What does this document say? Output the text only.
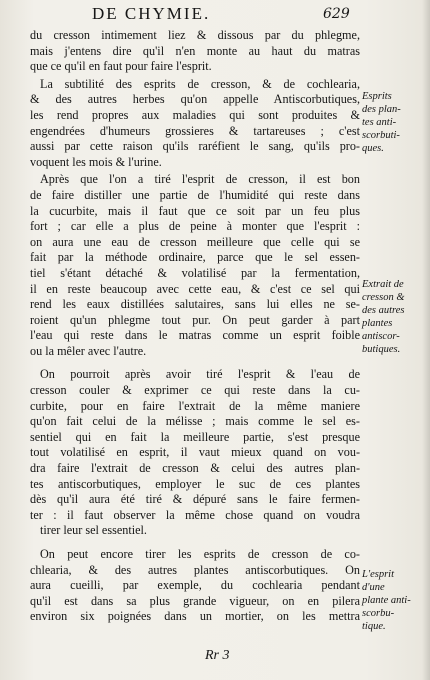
DE CHYMIE.	629
du cresson intimement liez & dissous par du phlegme,
mais j'entens dire qu'il n'en monte au haut du matras
que ce qu'il en faut pour faire l'esprit.
La subtilité des esprits de cresson, & de cochlearia,
& des autres herbes qu'on appelle Antiscorbutiques,
les rend propres aux maladies qui sont produites &
engendrées d'humeurs grossieres & tartareuses ; c'est
aussi par cette raison qu'ils raréfient le sang, qu'ils pro-
voquent les mois & l'urine.
Après que l'on a tiré l'esprit de cresson, il est bon
de faire distiller une partie de l'humidité qui reste dans
la cucurbite, mais il faut que ce soit par un feu plus
fort ; car elle a plus de peine à monter que l'esprit :
on aura une eau de cresson meilleure que celle qui se
fait par la méthode ordinaire, parce que le sel essen-
tiel s'étant détaché & volatilisé par la fermentation,
il en reste beaucoup avec cette eau, & c'est ce sel qui
rend les eaux distillées salutaires, sans lui elles ne se-
roient qu'un phlegme tout pur. On peut garder à part
l'eau qui reste dans le matras comme un esprit foible
ou la mêler avec l'autre.
On pourroit après avoir tiré l'esprit & l'eau de
cresson couler & exprimer ce qui reste dans la cu-
curbite, pour en faire l'extrait de la même maniere
qu'on fait celui de la mélisse ; mais comme le sel es-
sentiel qui en fait la meilleure partie, s'est presque
tout volatilisé en esprit, il vaut mieux quand on vou-
dra faire l'extrait de cresson & celui des autres plan-
tes antiscorbutiques, employer le suc de ces plantes
dès qu'il aura été tiré & dépuré sans le faire fermen-
ter : il faut observer la même chose quand on voudra
tirer leur sel essentiel.
On peut encore tirer les esprits de cresson de co-
chlearia, & des autres plantes antiscorbutiques. On
aura cueilli, par exemple, du cochlearia pendant
qu'il est dans sa plus grande vigueur, on en pilera
environ six poignées dans un mortier, on les mettra
Esprits
des plan-
tes anti-
scorbuti-
ques.
Extrait de
cresson &
des autres
plantes
antiscor-
butiques.
L'esprit
d'une
plante anti-
scorbu-
tique.
Rr 3
